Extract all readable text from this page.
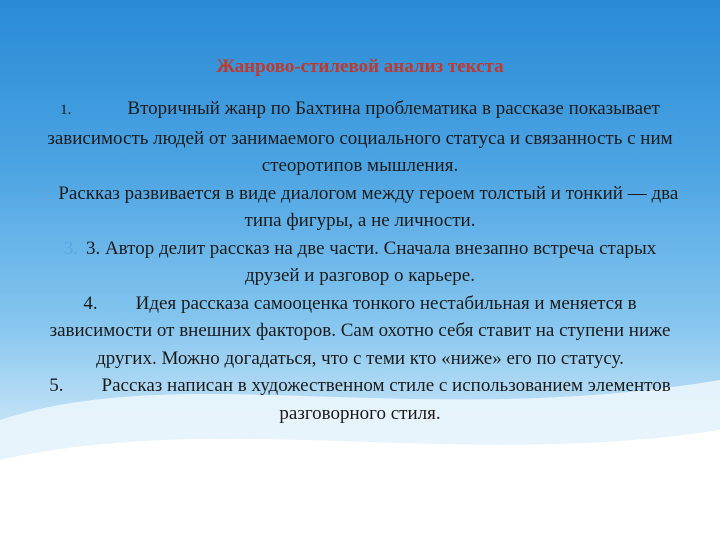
Жанрово-стилевой анализ текста

1.	Вторичный жанр по Бахтина проблематика в рассказе показывает зависимость людей от занимаемого социального статуса и связанность с ним стеоротипов мышления.

• Раскказ развивается в виде диалогом между героем толстый и тонкий — два типа фигуры, а не личности.

3. 3. Автор делит рассказ на две части. Сначала внезапно встреча старых друзей и разговор о карьере.

4. Идея рассказа самооценка тонкого нестабильная и меняется в зависимости от внешних факторов. Сам охотно себя ставит на ступени ниже других. Можно догадаться, что с теми кто «ниже» его по статусу.

5. Рассказ написан в художественном стиле с использованием элементов разговорного стиля.
